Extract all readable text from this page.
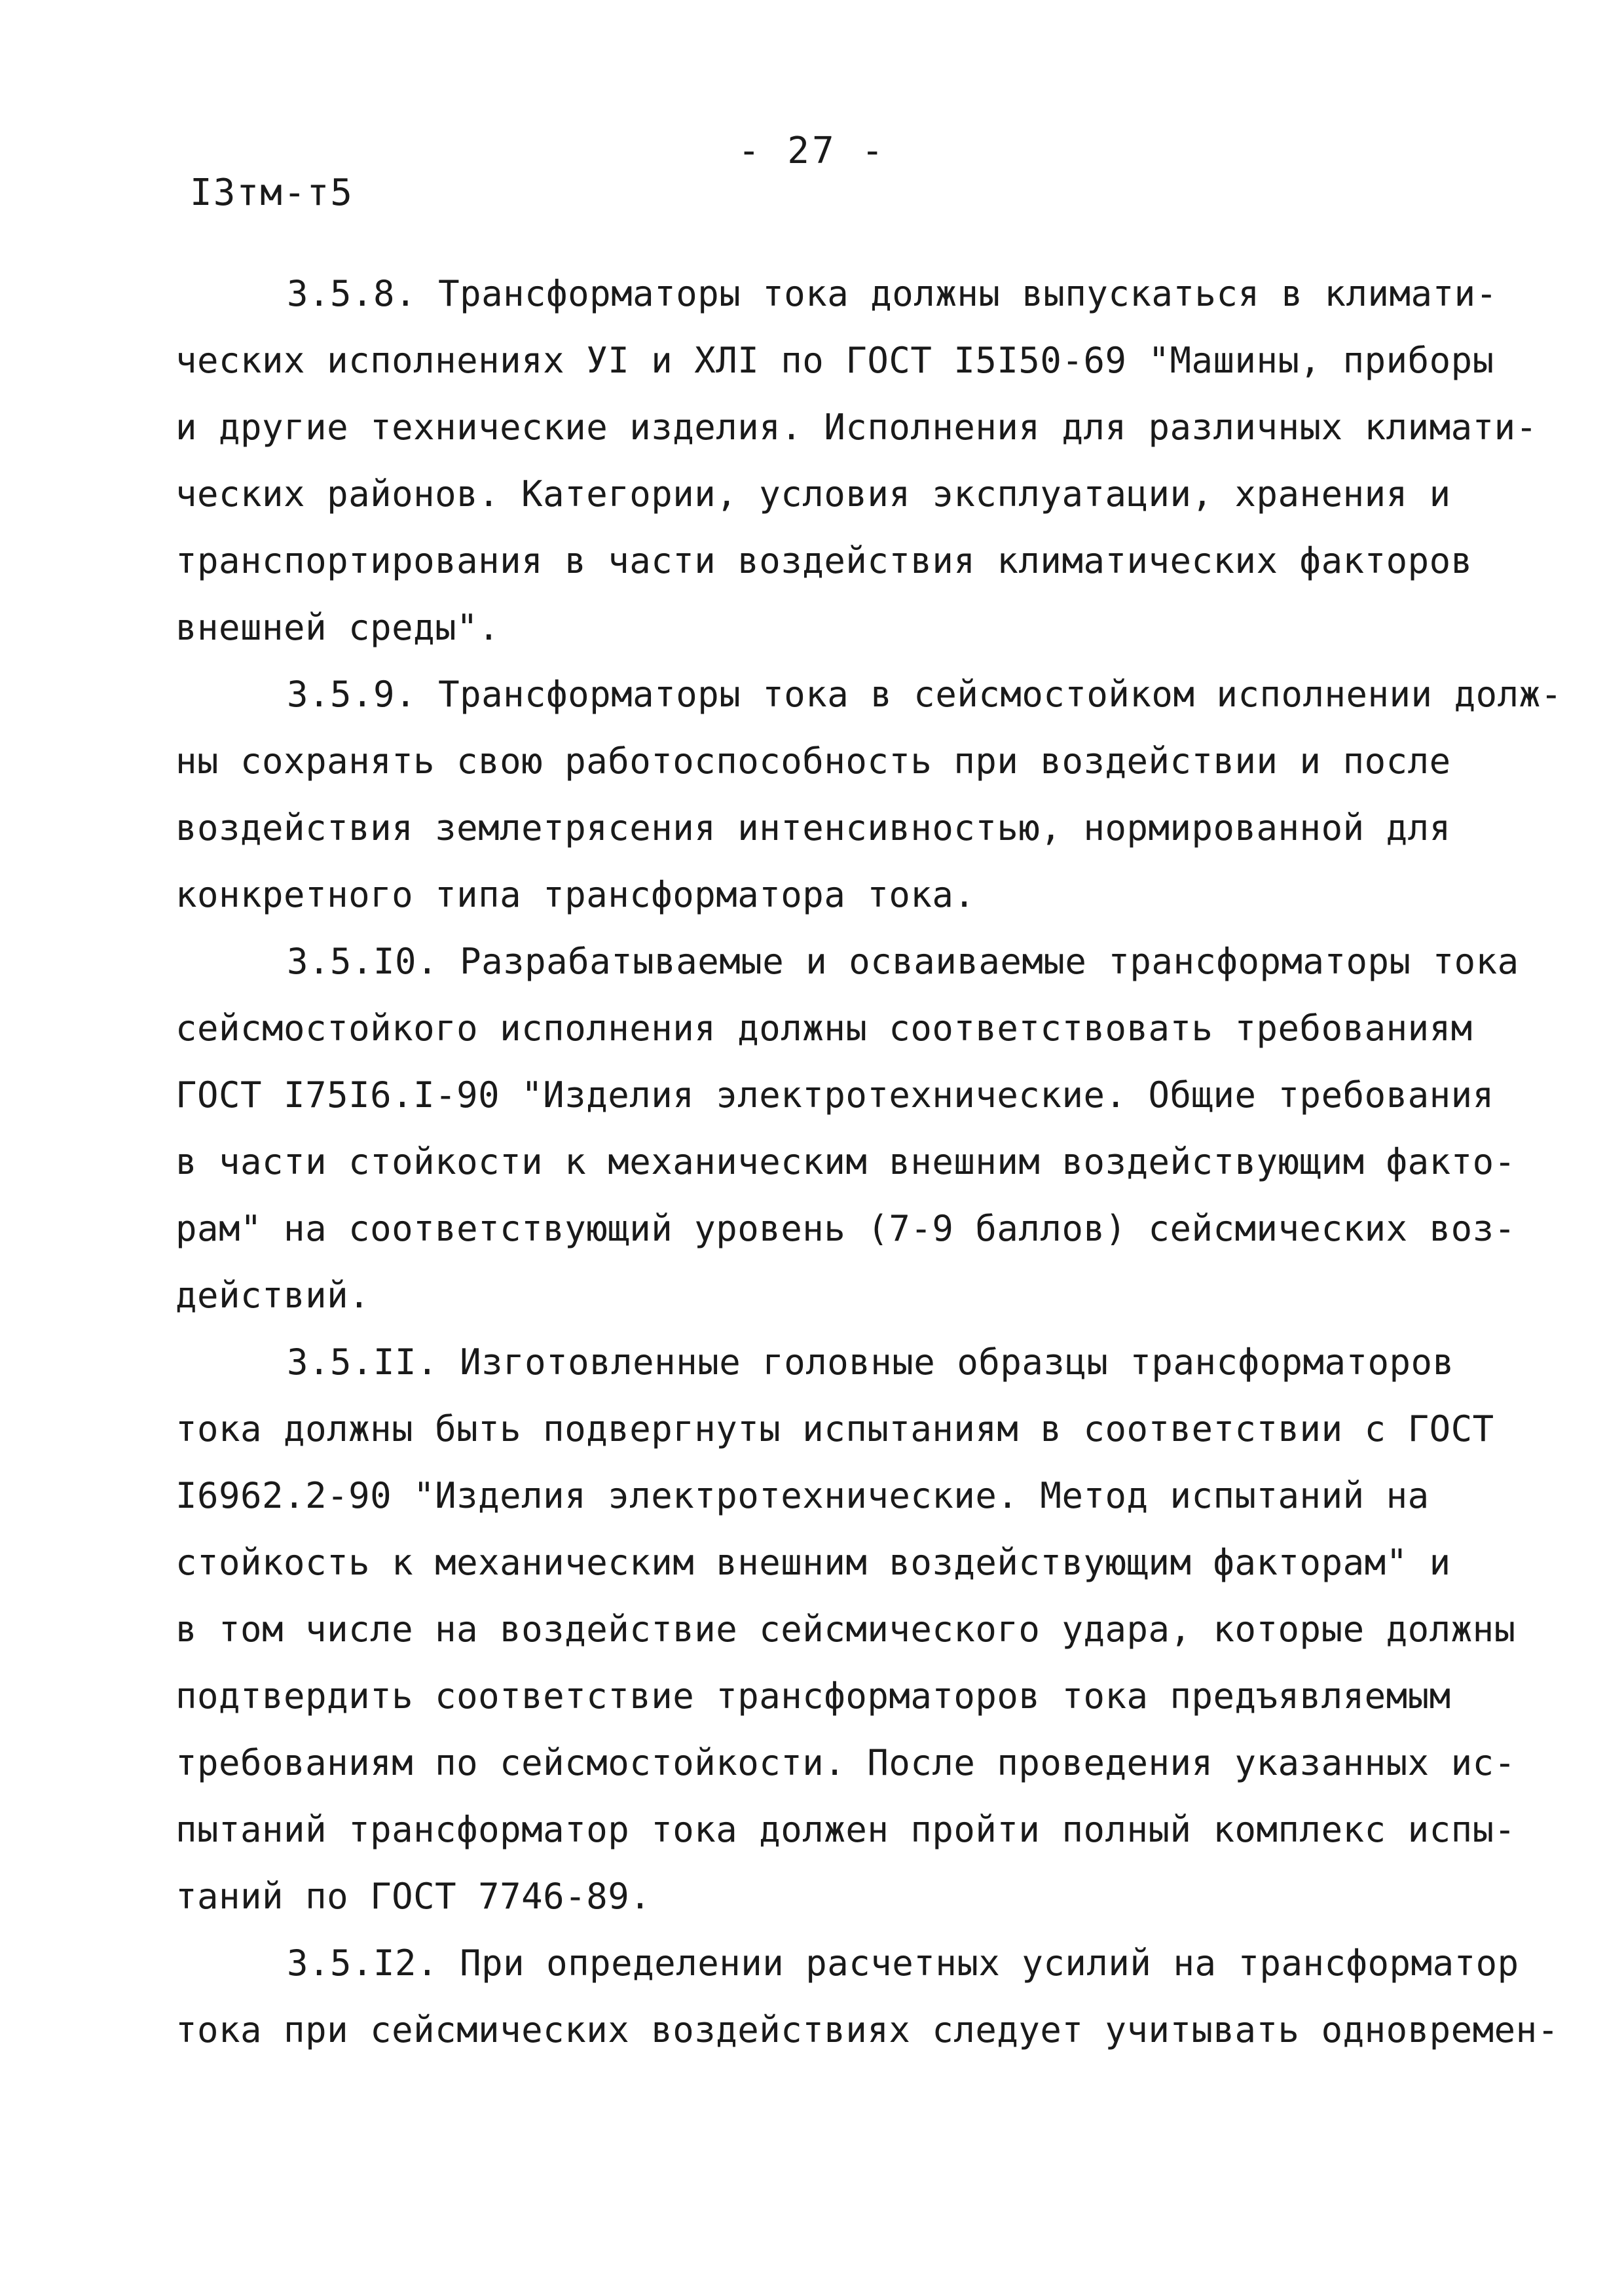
- 27 -
I3тм-т5
3.5.8. Трансформаторы тока должны выпускаться в климати-
ческих исполнениях УI и ХЛI по ГОСТ I5I50-69 "Машины, приборы
и другие технические изделия. Исполнения для различных климати-
ческих районов. Категории, условия эксплуатации, хранения и
транспортирования в части воздействия климатических факторов
внешней среды".
3.5.9. Трансформаторы тока в сейсмостойком исполнении долж-
ны сохранять свою работоспособность при воздействии и после
воздействия землетрясения интенсивностью, нормированной для
конкретного типа трансформатора тока.
3.5.I0. Разрабатываемые и осваиваемые трансформаторы тока
сейсмостойкого исполнения должны соответствовать требованиям
ГОСТ I75I6.I-90 "Изделия электротехнические. Общие требования
в части стойкости к механическим внешним воздействующим факто-
рам" на соответствующий уровень (7-9 баллов) сейсмических воз-
действий.
3.5.II. Изготовленные головные образцы трансформаторов
тока должны быть подвергнуты испытаниям в соответствии с ГОСТ
I6962.2-90 "Изделия электротехнические. Метод испытаний на
стойкость к механическим внешним воздействующим факторам" и
в том числе на воздействие сейсмического удара, которые должны
подтвердить соответствие трансформаторов тока предъявляемым
требованиям по сейсмостойкости. После проведения указанных ис-
пытаний трансформатор тока должен пройти полный комплекс испы-
таний по ГОСТ 7746-89.
3.5.I2. При определении расчетных усилий на трансформатор
тока при сейсмических воздействиях следует учитывать одновремен-
